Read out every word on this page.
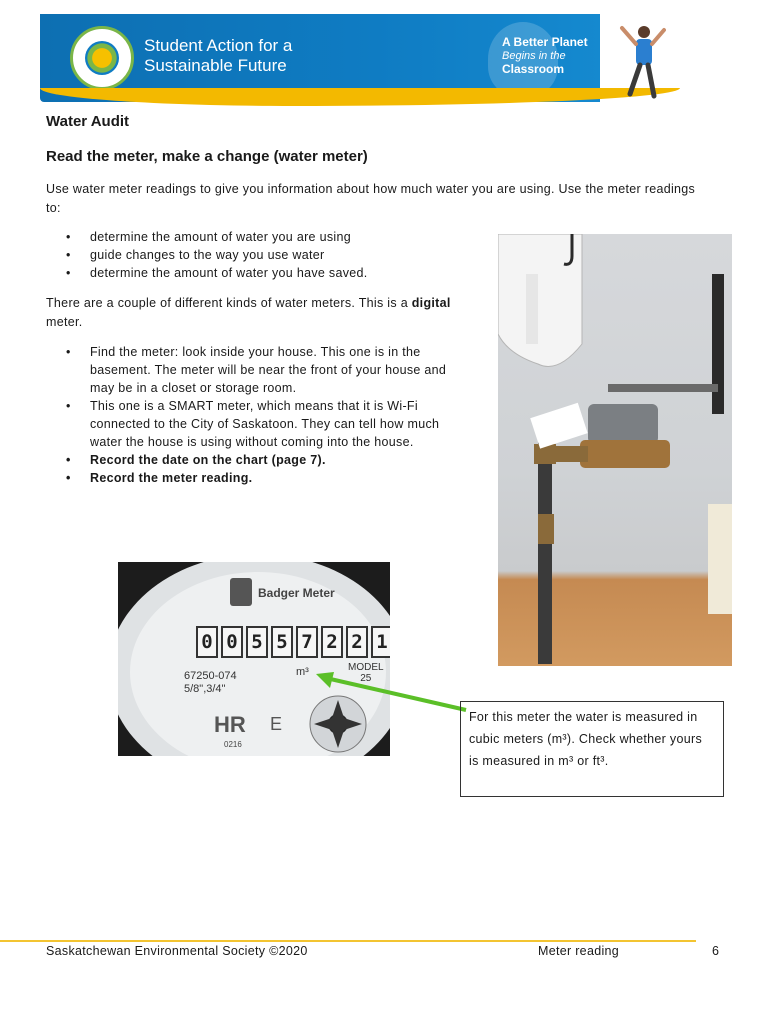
Student Action for a
Sustainable Future
A Better Planet
Begins in the
Classroom
Water Audit
Read the meter, make a change (water meter)

Use water meter readings to give you information about how much water you are using. Use the meter readings to:

• determine the amount of water you are using
• guide changes to the way you use water
• determine the amount of water you have saved.

There are a couple of different kinds of water meters. This is a digital meter.

• Find the meter: look inside your house. This one is in the basement. The meter will be near the front of your house and may be in a closet or storage room.
• This one is a SMART meter, which means that it is Wi-Fi connected to the City of Saskatoon. They can tell how much water the house is using without coming into the house.
• Record the date on the chart (page 7).
• Record the meter reading.
Badger Meter
0 0 5 5 7 2 2 1
m³	MODEL
25
67250-074
5/8",3/4"
HR E
0216
For this meter the water is measured in cubic meters (m³). Check whether yours is measured in m³ or ft³.
Saskatchewan Environmental Society ©2020	Meter reading	6
